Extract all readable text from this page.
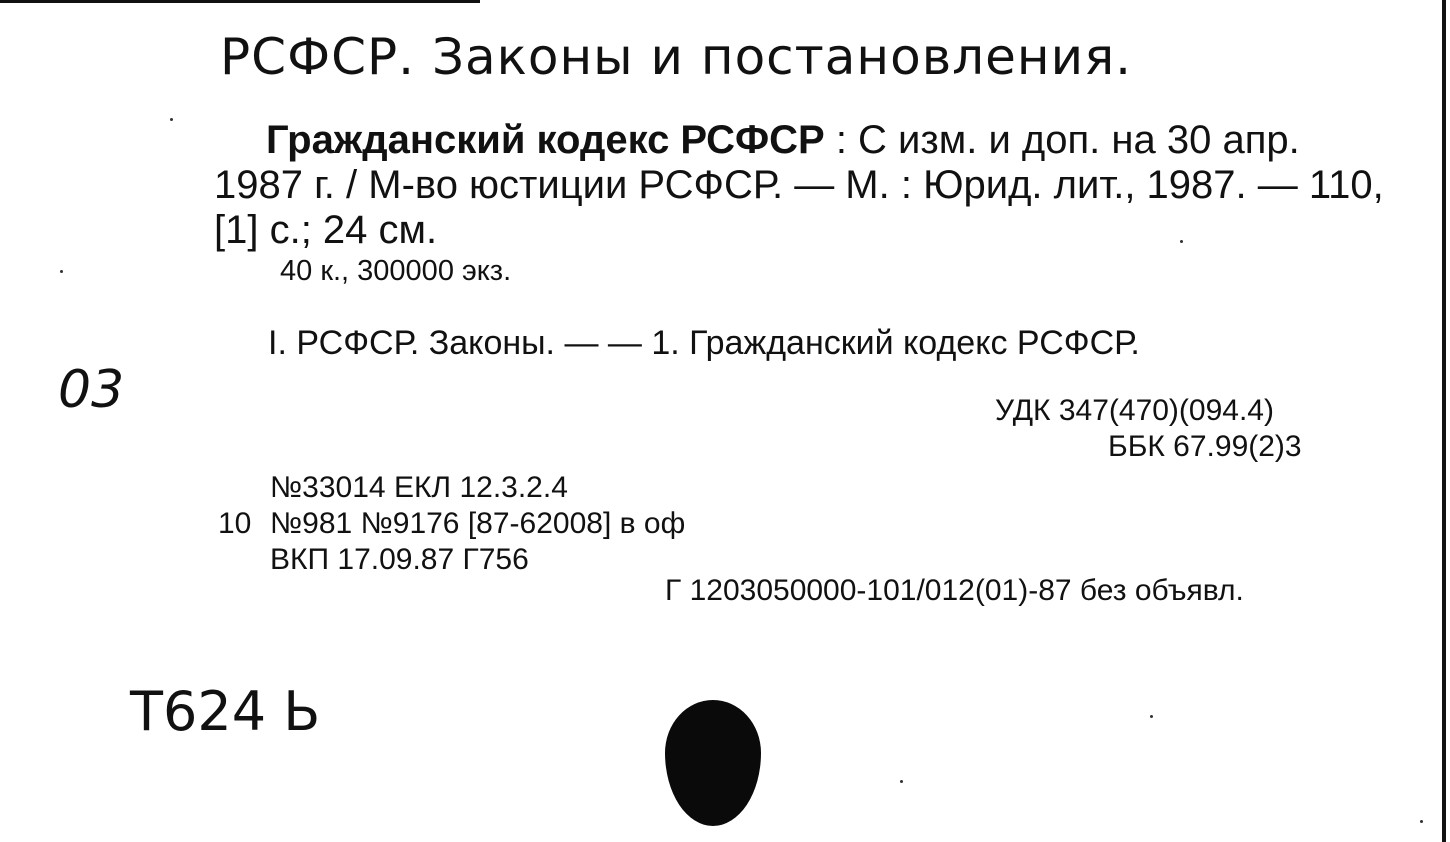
РСФСР. Законы и постановления.
Гражданский кодекс РСФСР : С изм. и доп. на 30 апр. 1987 г. / М-во юстиции РСФСР. — М. : Юрид. лит., 1987. — 110, [1] с.; 24 см.
40 к., 300000 экз.
I. РСФСР. Законы. — — 1. Гражданский кодекс РСФСР.
03	УДК 347(470)(094.4)
ББК 67.99(2)3
№33014 ЕКЛ 12.3.2.4
10 №981 №9176 [87-62008] в оф
ВКП 17.09.87 Г756
Г 1203050000-101/012(01)-87 без объявл.
Т624 Ь
